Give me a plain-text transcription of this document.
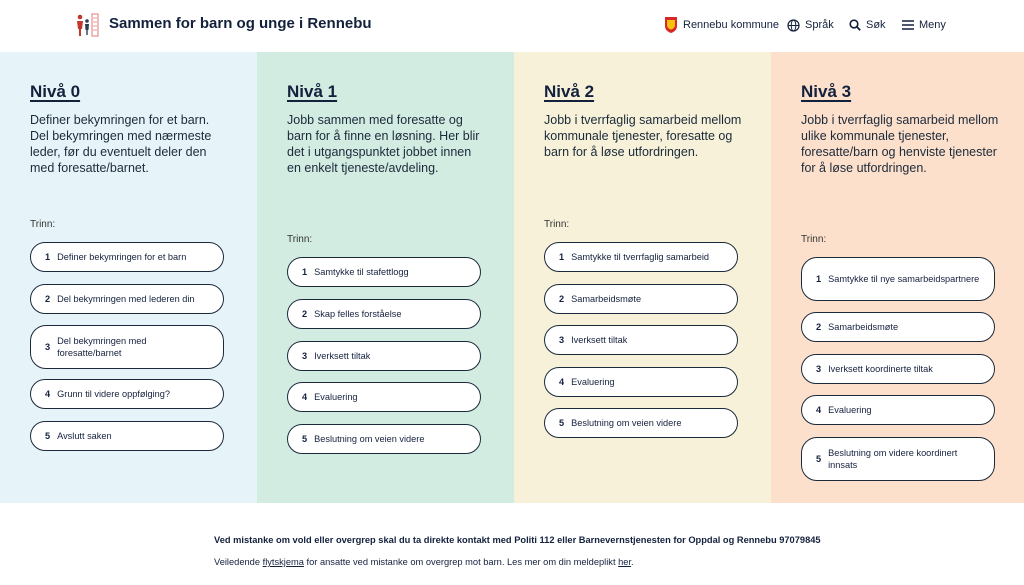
Sammen for barn og unge i Rennebu	Rennebu kommune Språk	Søk	Meny
Nivå 0
Definer bekymringen for et barn. Del bekymringen med nærmeste leder, før du eventuelt deler den med foresatte/barnet.
Trinn:
1 Definer bekymringen for et barn
2 Del bekymringen med lederen din
3
Del bekymringen med foresatte/barnet
4 Grunn til videre oppfølging?
5 Avslutt saken
Nivå 1
Jobb sammen med foresatte og barn for å finne en løsning. Her blir det i utgangspunktet jobbet innen en enkelt tjeneste/avdeling.
Trinn:
1 Samtykke til stafettlogg
2 Skap felles forståelse
3 Iverksett tiltak
4 Evaluering
5 Beslutning om veien videre
Nivå 2
Jobb i tverrfaglig samarbeid mellom kommunale tjenester, foresatte og barn for å løse utfordringen.
Trinn:
1 Samtykke til tverrfaglig samarbeid
2 Samarbeidsmøte
3 Iverksett tiltak
4 Evaluering
5 Beslutning om veien videre
Nivå 3
Jobb i tverrfaglig samarbeid mellom ulike kommunale tjenester, foresatte/barn og henviste tjenester for å løse utfordringen.
Trinn:
1 Samtykke til nye samarbeidspartnere
2 Samarbeidsmøte
3 Iverksett koordinerte tiltak
4 Evaluering
5
Beslutning om videre koordinert innsats
Ved mistanke om vold eller overgrep skal du ta direkte kontakt med Politi 112 eller Barnevernstjenesten for Oppdal og Rennebu 97079845
Veiledende flytskjema for ansatte ved mistanke om overgrep mot barn. Les mer om din meldeplikt her.
